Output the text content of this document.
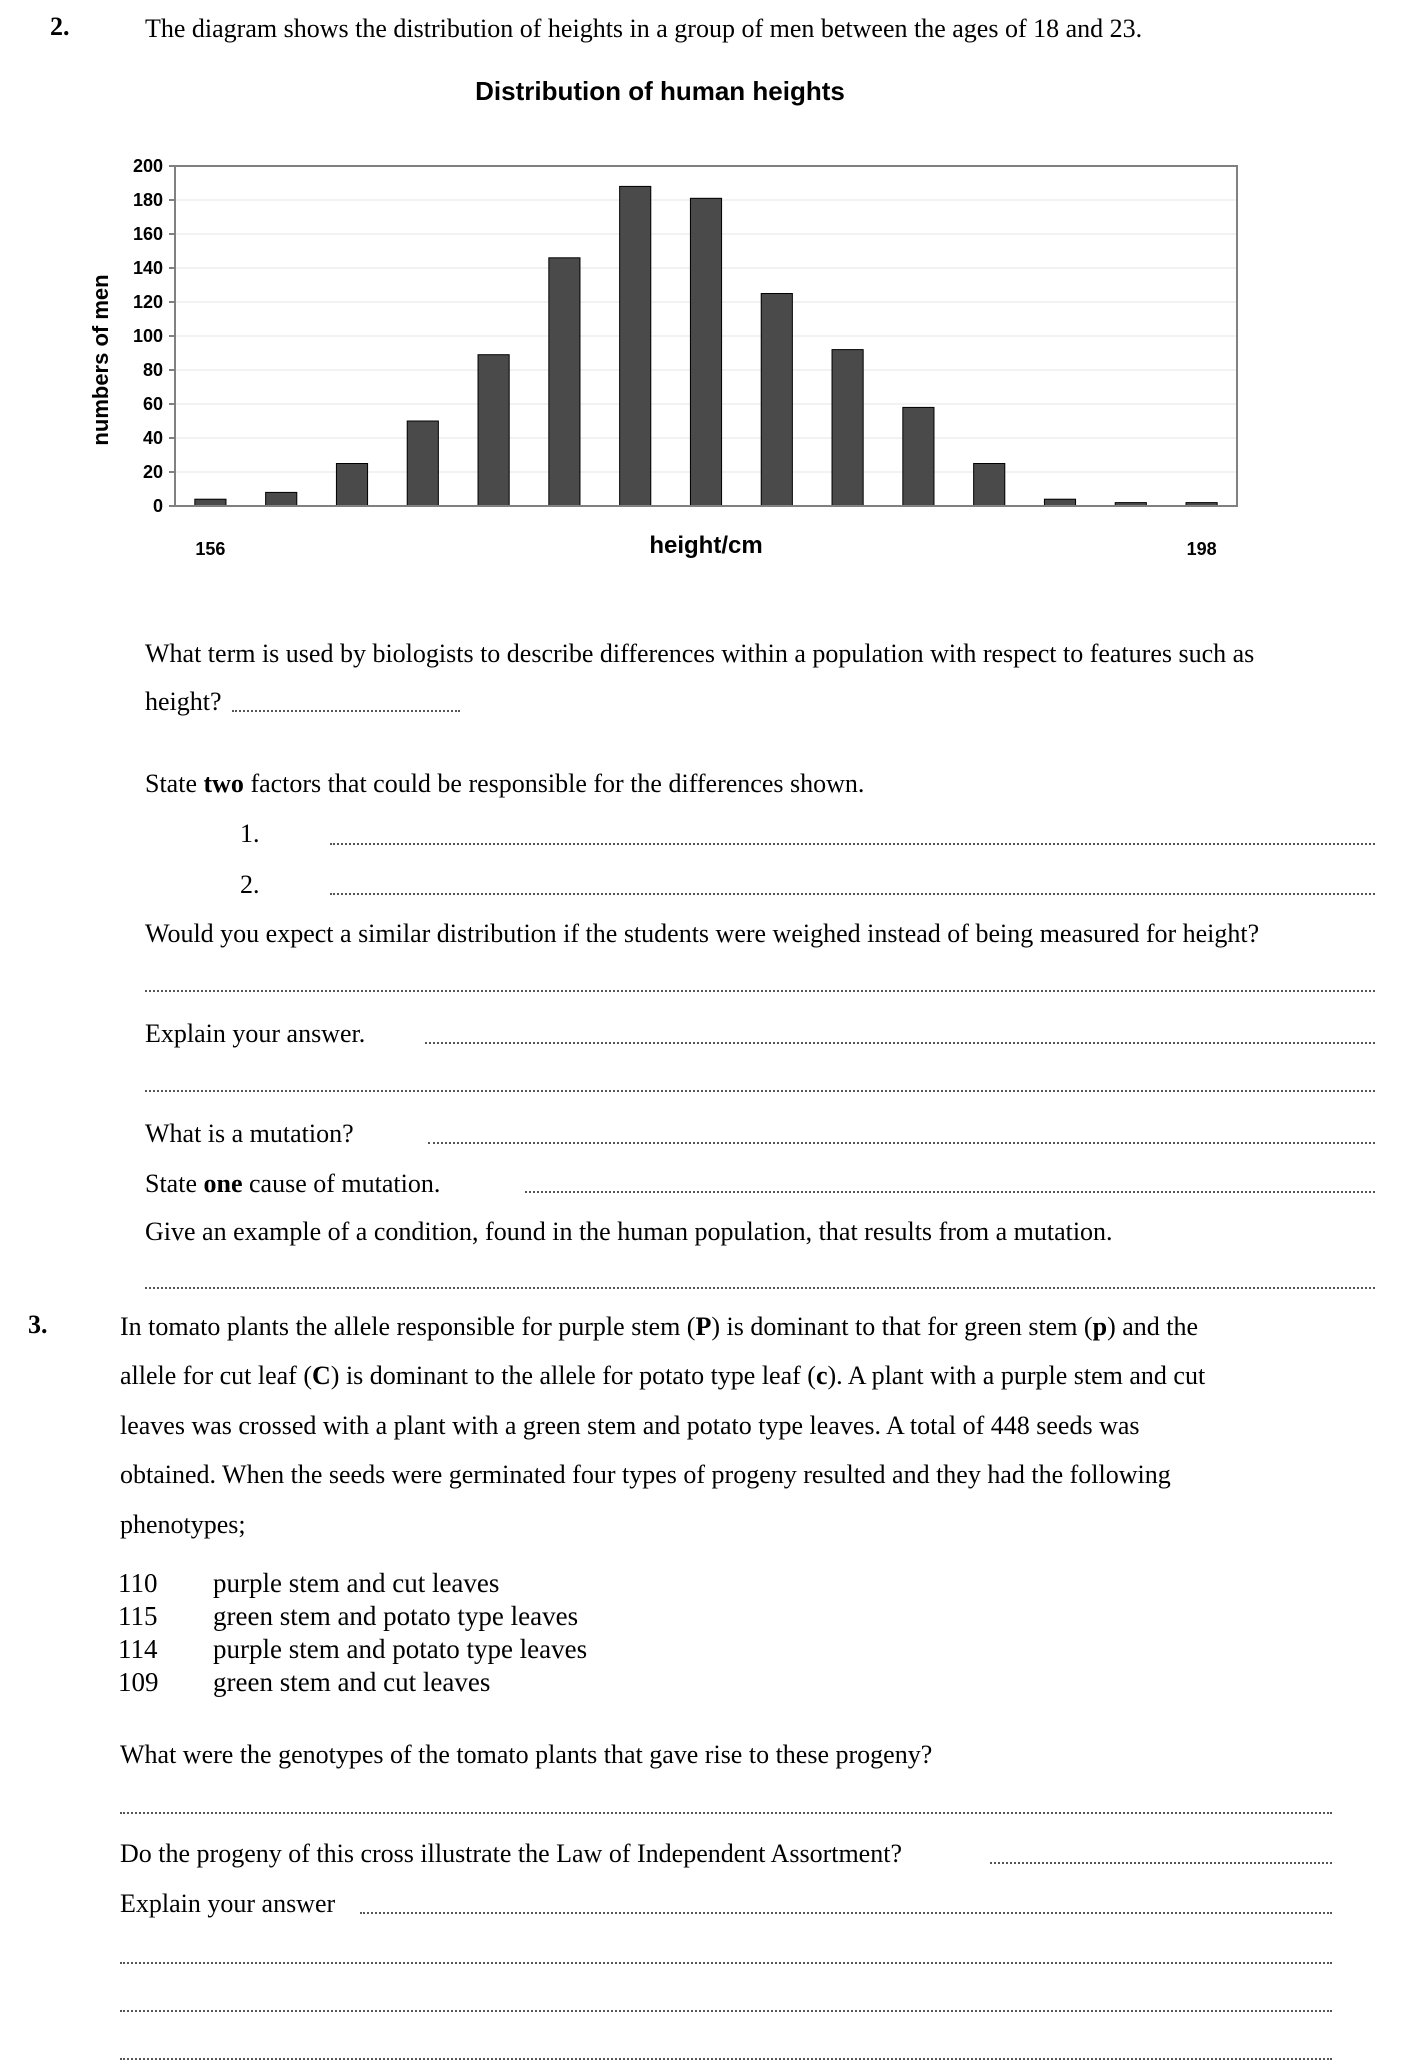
2.	The diagram shows the distribution of heights in a group of men between the ages of 18 and 23.
Distribution of human heights
numbers of men
0
20
40
60
80
100
120
140
160
180
200
156	height/cm	198
What term is used by biologists to describe differences within a population with respect to features such as
height?
State two factors that could be responsible for the differences shown.
1.
2.
Would you expect a similar distribution if the students were weighed instead of being measured for height?
Explain your answer.
What is a mutation?
State one cause of mutation.
Give an example of a condition, found in the human population, that results from a mutation.
3.	In tomato plants the allele responsible for purple stem (P) is dominant to that for green stem (p) and the
allele for cut leaf (C) is dominant to the allele for potato type leaf (c). A plant with a purple stem and cut
leaves was crossed with a plant with a green stem and potato type leaves. A total of 448 seeds was
obtained. When the seeds were germinated four types of progeny resulted and they had the following
phenotypes;
110	purple stem and cut leaves
115	green stem and potato type leaves
114	purple stem and potato type leaves
109	green stem and cut leaves
What were the genotypes of the tomato plants that gave rise to these progeny?
Do the progeny of this cross illustrate the Law of Independent Assortment?
Explain your answer
